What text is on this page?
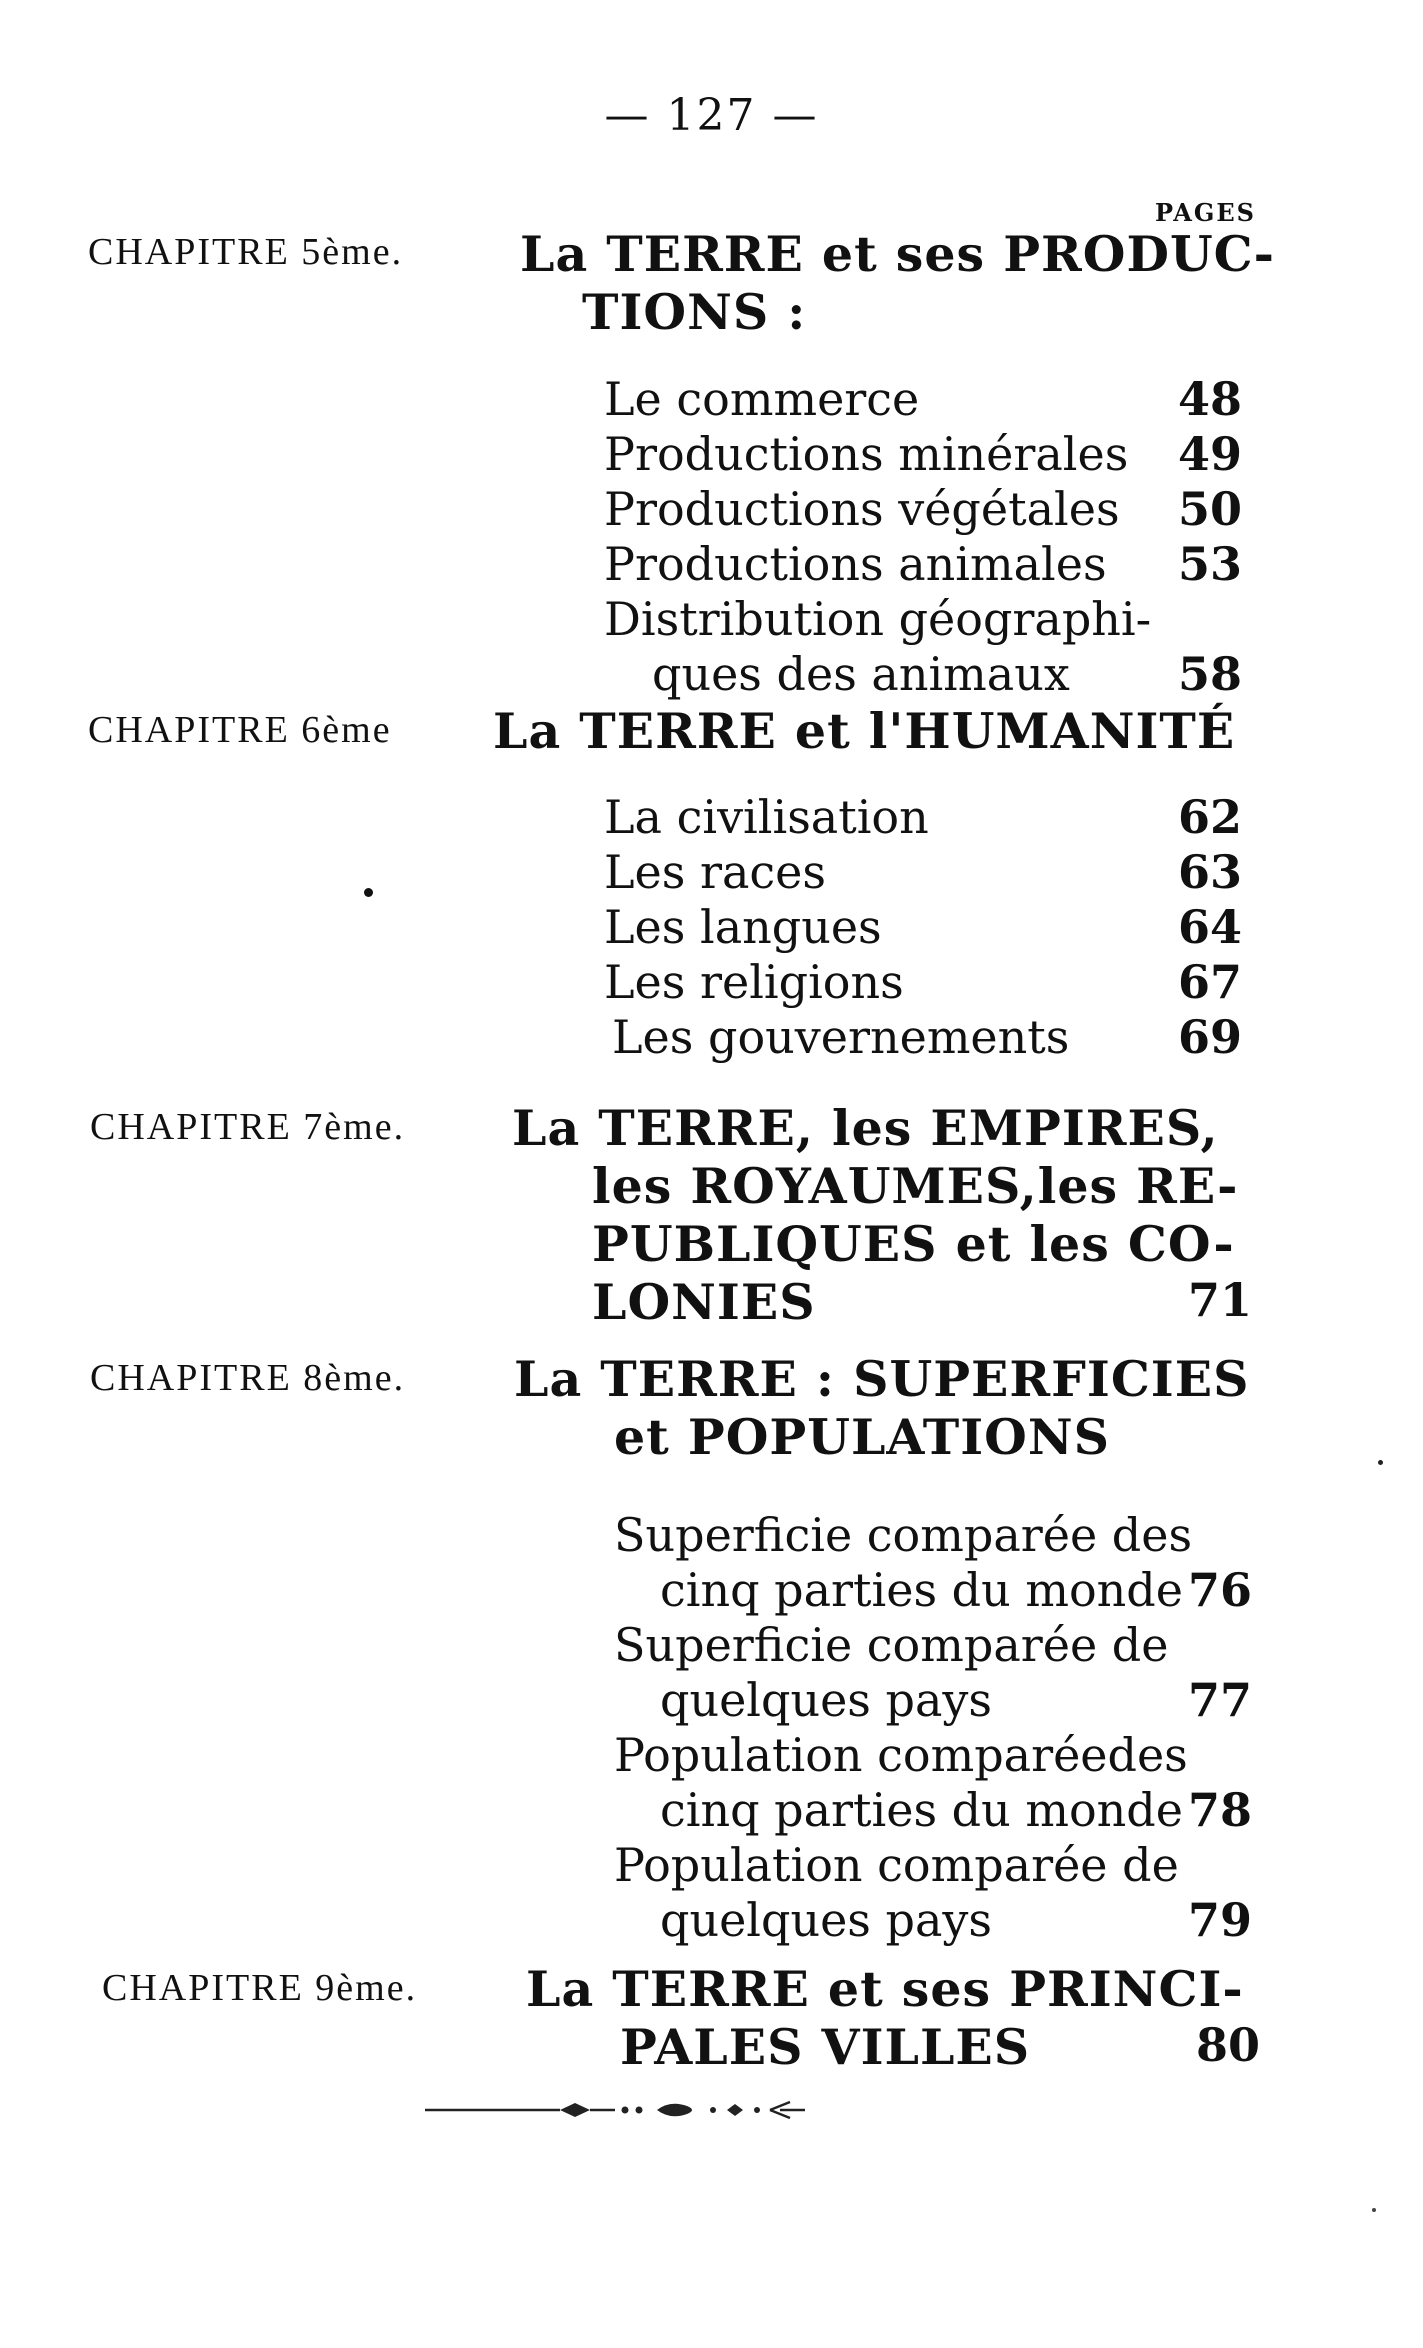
— 127 —
PAGES
CHAPITRE 5ème. La TERRE et ses PRODUC-
TIONS :
Le commerce	48
Productions minérales	49
Productions végétales	50
Productions animales	53
Distribution géographi-
ques des animaux	58
CHAPITRE 6ème La TERRE et l'HUMANITÉ
La civilisation	62
Les races	63
Les langues	64
Les religions	67
Les gouvernements	69
CHAPITRE 7ème. La TERRE, les EMPIRES,
les ROYAUMES,les RE-
PUBLIQUES et les CO-
LONIES	71
CHAPITRE 8ème. La TERRE : SUPERFICIES
et POPULATIONS
Superficie comparée des
cinq parties du monde 76
Superficie comparée de
quelques pays	77
Population comparéedes
cinq parties du monde 78
Population comparée de
quelques pays	79
CHAPITRE 9ème. La TERRE et ses PRINCI-
PALES VILLES	80
